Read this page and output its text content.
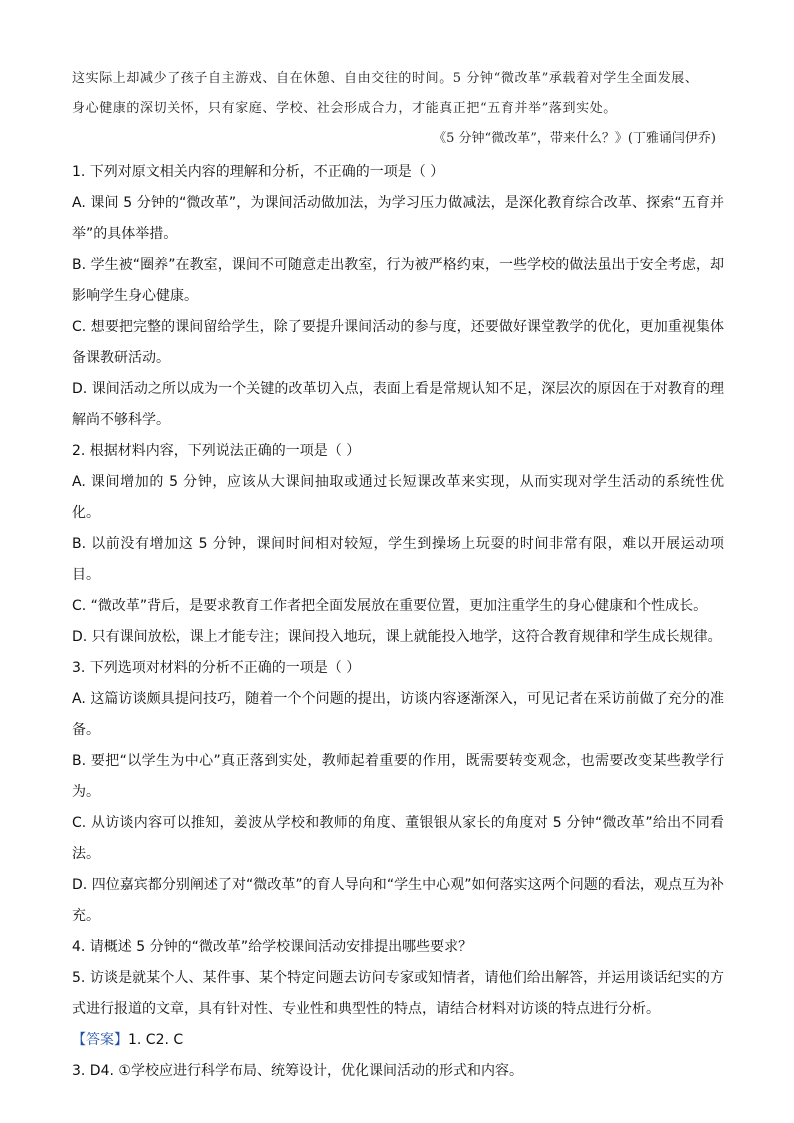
这实际上却减少了孩子自主游戏、自在休憩、自由交往的时间。5 分钟“微改革”承载着对学生全面发展、

身心健康的深切关怀，只有家庭、学校、社会形成合力，才能真正把“五育并举”落到实处。

《5 分钟“微改革”，带来什么？》(丁雅诵闫伊乔)

1. 下列对原文相关内容的理解和分析，不正确的一项是（ ）

A. 课间 5 分钟的“微改革”，为课间活动做加法，为学习压力做减法，是深化教育综合改革、探索“五育并举”的具体举措。

B. 学生被“圈养”在教室，课间不可随意走出教室，行为被严格约束，一些学校的做法虽出于安全考虑，却影响学生身心健康。

C. 想要把完整的课间留给学生，除了要提升课间活动的参与度，还要做好课堂教学的优化，更加重视集体备课教研活动。

D. 课间活动之所以成为一个关键的改革切入点，表面上看是常规认知不足，深层次的原因在于对教育的理解尚不够科学。

2. 根据材料内容，下列说法正确的一项是（ ）

A. 课间增加的 5 分钟，应该从大课间抽取或通过长短课改革来实现，从而实现对学生活动的系统性优化。

B. 以前没有增加这 5 分钟，课间时间相对较短，学生到操场上玩耍的时间非常有限，难以开展运动项目。

C. “微改革”背后，是要求教育工作者把全面发展放在重要位置，更加注重学生的身心健康和个性成长。

D. 只有课间放松，课上才能专注；课间投入地玩，课上就能投入地学，这符合教育规律和学生成长规律。

3. 下列选项对材料的分析不正确的一项是（ ）

A. 这篇访谈颇具提问技巧，随着一个个问题的提出，访谈内容逐渐深入，可见记者在采访前做了充分的准备。

B. 要把“以学生为中心”真正落到实处，教师起着重要的作用，既需要转变观念，也需要改变某些教学行为。

C. 从访谈内容可以推知，姜波从学校和教师的角度、董银银从家长的角度对 5 分钟“微改革”给出不同看法。

D. 四位嘉宾都分别阐述了对“微改革”的育人导向和“学生中心观”如何落实这两个问题的看法，观点互为补充。

4. 请概述 5 分钟的“微改革”给学校课间活动安排提出哪些要求？

5. 访谈是就某个人、某件事、某个特定问题去访问专家或知情者，请他们给出解答，并运用谈话纪实的方式进行报道的文章，具有针对性、专业性和典型性的特点，请结合材料对访谈的特点进行分析。

【答案】1. C2. C

3. D4. ①学校应进行科学布局、统筹设计，优化课间活动的形式和内容。
